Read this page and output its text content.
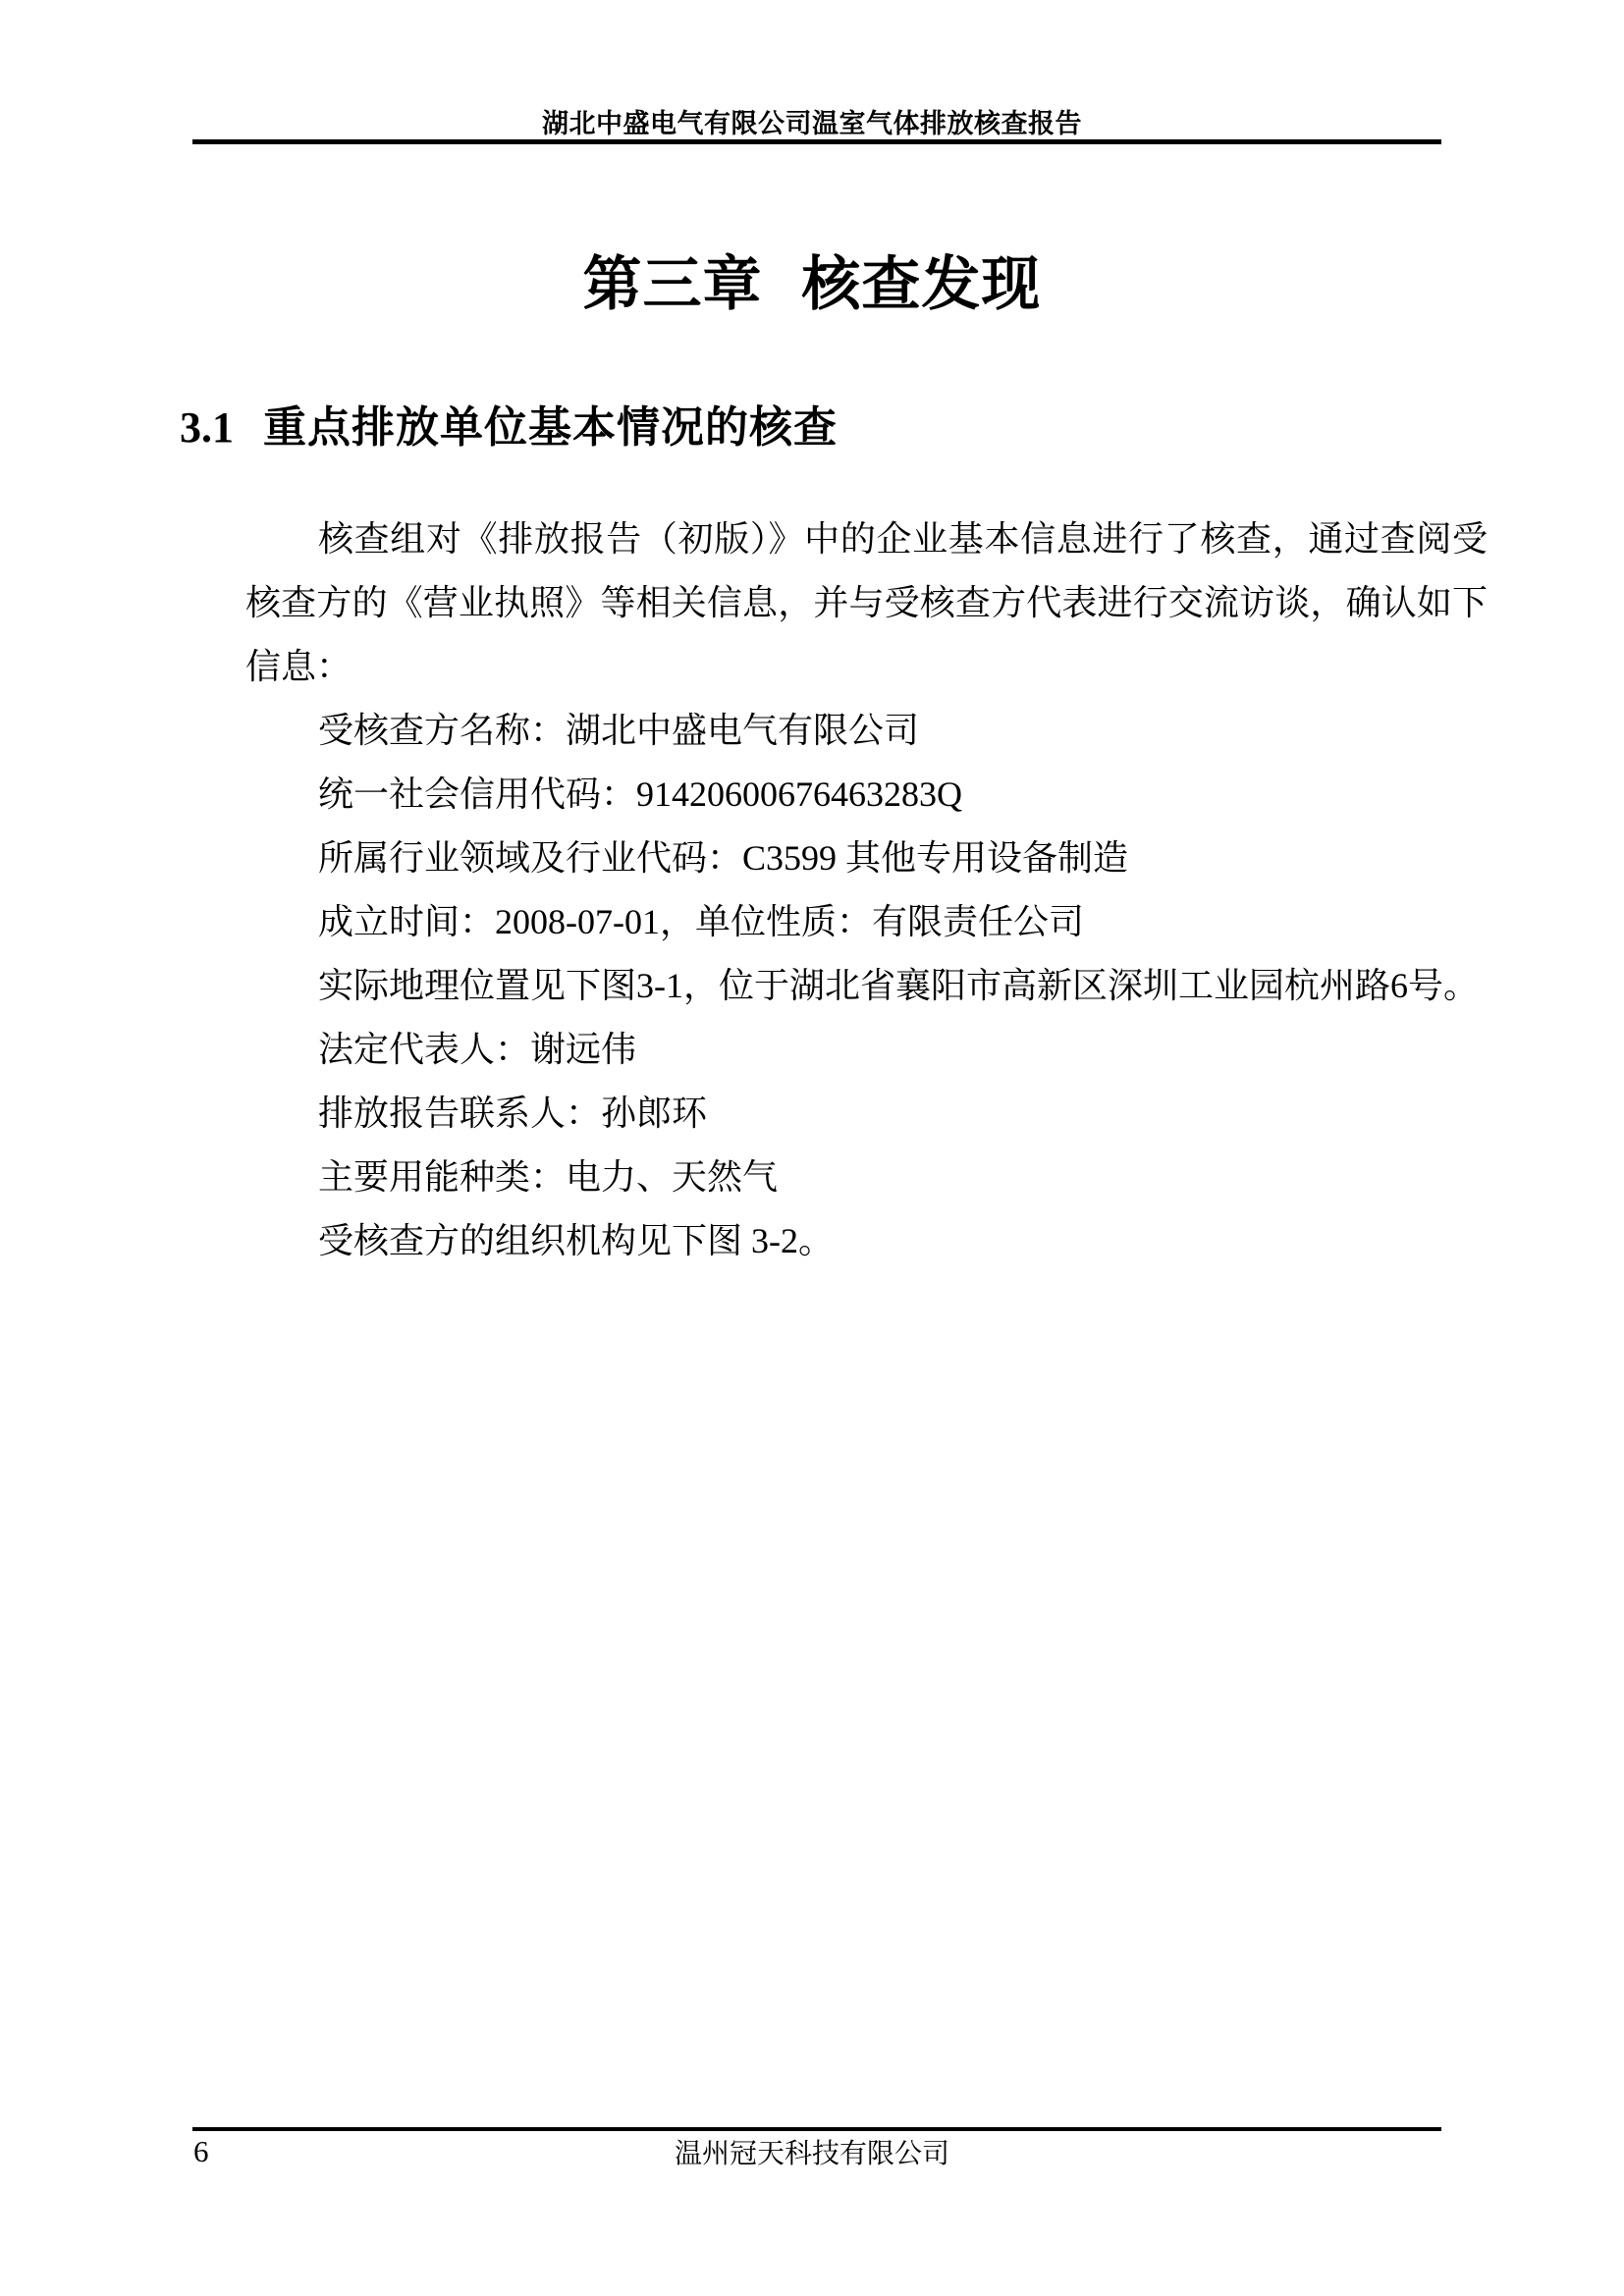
湖北中盛电气有限公司温室气体排放核查报告
第三章 核查发现
3.1 重点排放单位基本情况的核查

核查组对《排放报告（初版）》中的企业基本信息进行了核查，通过查阅受核查方的《营业执照》等相关信息，并与受核查方代表进行交流访谈，确认如下信息：

受核查方名称：湖北中盛电气有限公司

统一社会信用代码：91420600676463283Q

所属行业领域及行业代码：C3599 其他专用设备制造

成立时间：2008-07-01，单位性质：有限责任公司

实际地理位置见下图3-1，位于湖北省襄阳市高新区深圳工业园杭州路6号。

法定代表人：谢远伟

排放报告联系人：孙郎环

主要用能种类：电力、天然气

受核查方的组织机构见下图 3-2。

6	温州冠天科技有限公司
